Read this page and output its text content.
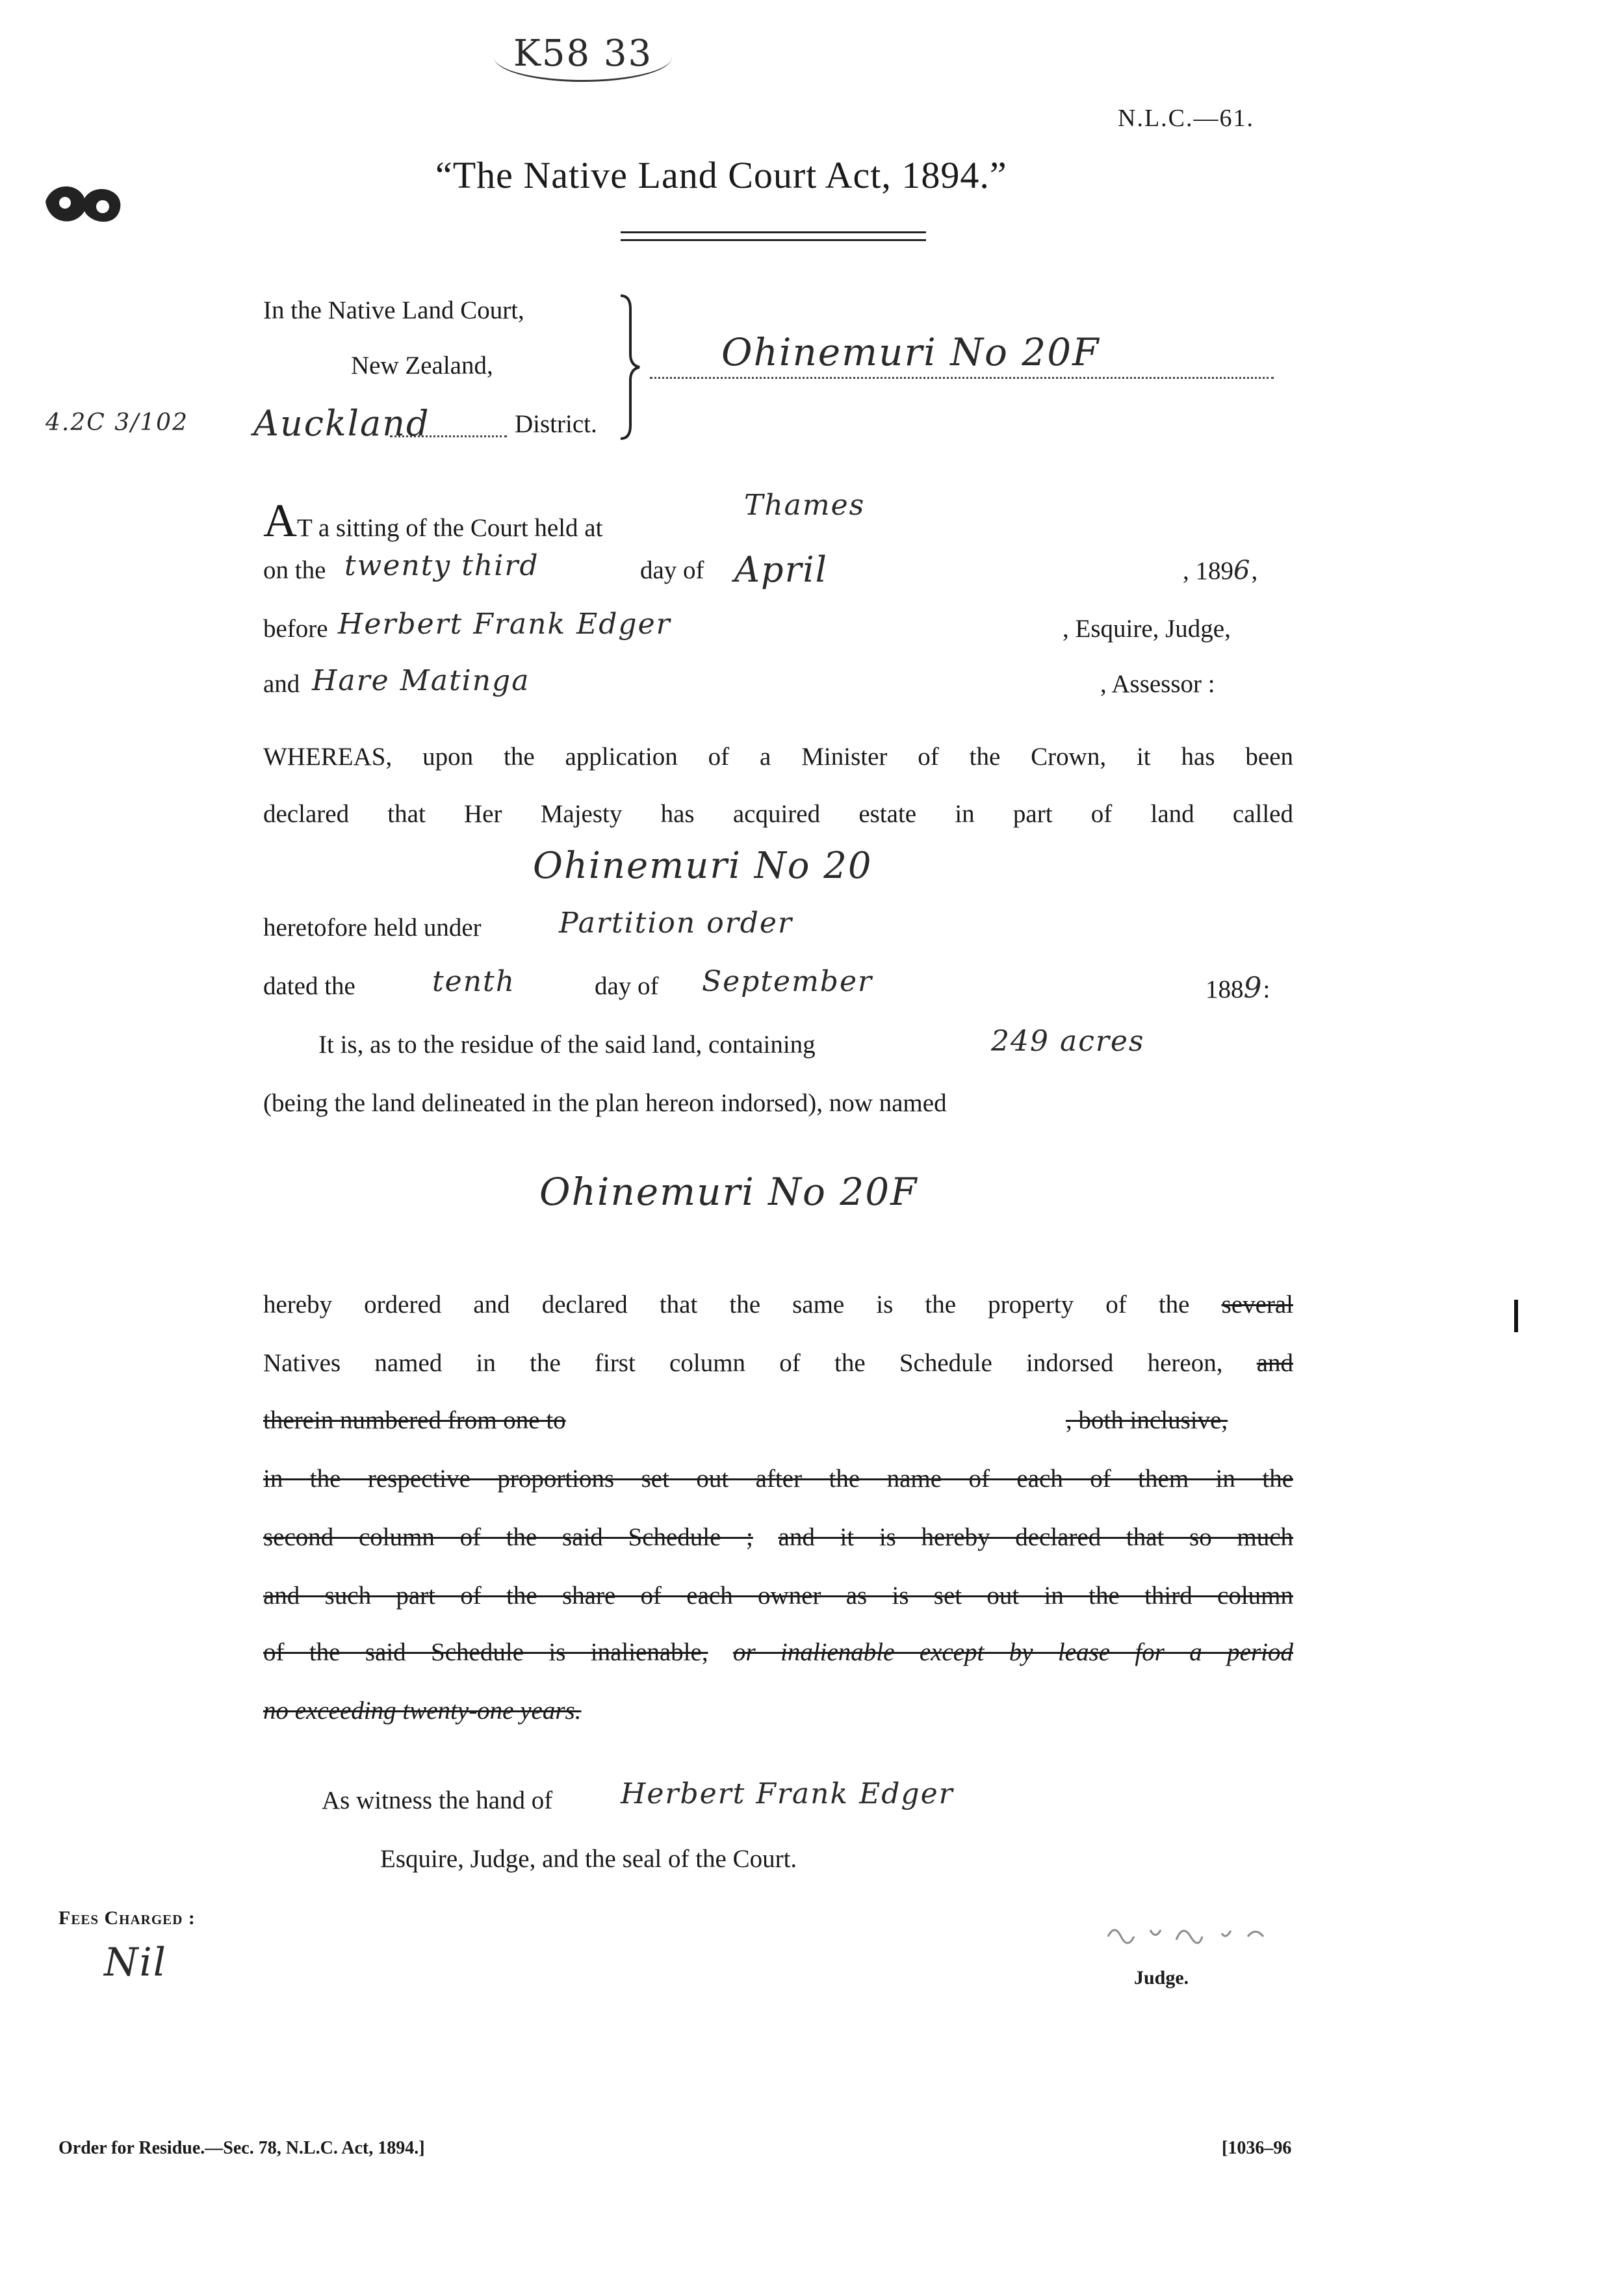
K58 33
N.L.C.—61.
“The Native Land Court Act, 1894.”
In the Native Land Court,
New Zealand,
4.2C 3/102 Auckland	District.
Ohinemuri No 20F
AT a sitting of the Court held at
Thames
on the twenty third	day of April	, 1896,
before Herbert Frank Edger	, Esquire, Judge,
and Hare Matinga	, Assessor :
WHEREAS, upon the application of a Minister of the Crown, it has been
declared that Her Majesty has acquired estate in part of land called
Ohinemuri No 20
heretofore held under	Partition order
dated the	tenth	day of September	1889:
It is, as to the residue of the said land, containing	249 acres
(being the land delineated in the plan hereon indorsed), now named
Ohinemuri No 20F
hereby ordered and declared that the same is the property of the several
Natives named in the first column of the Schedule indorsed hereon, and
therein numbered from one to	, both inclusive,
in the respective proportions set out after the name of each of them in the
second column of the said Schedule ; and it is hereby declared that so much
and such part of the share of each owner as is set out in the third column
of the said Schedule is inalienable, or inalienable except by lease for a period
no exceeding twenty-one years.
As witness the hand of Herbert Frank Edger
Esquire, Judge, and the seal of the Court.
Fees Charged :
Nil	Judge.
Order for Residue.—Sec. 78, N.L.C. Act, 1894.]	[1036–96
